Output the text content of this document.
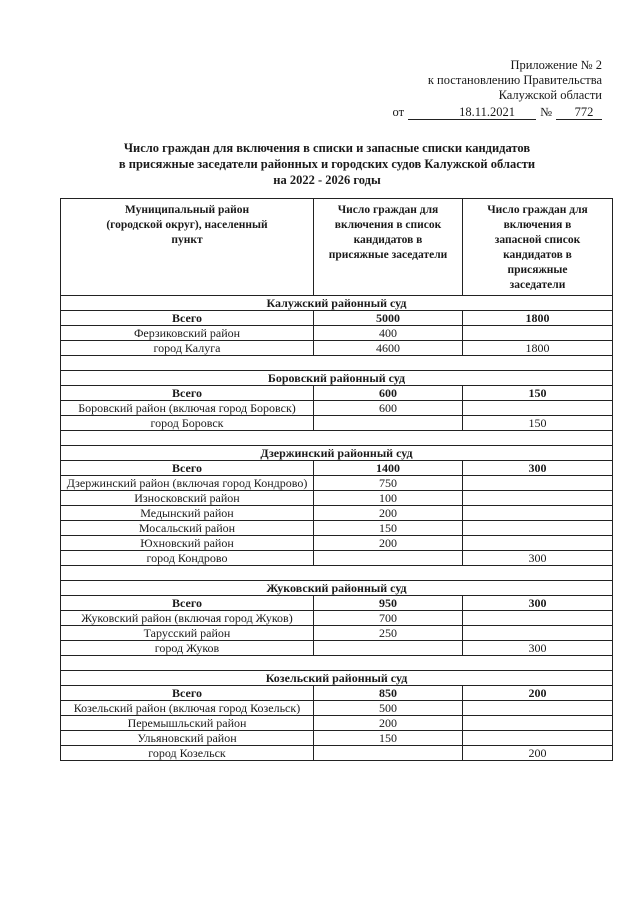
Приложение № 2
к постановлению Правительства
Калужской области
от	18.11.2021	№	772
Число граждан для включения в списки и запасные списки кандидатов
в присяжные заседатели районных и городских судов Калужской области
на 2022 - 2026 годы
Муниципальный район (городской округ), населенный пункт	Число граждан для включения в список кандидатов в присяжные заседатели	Число граждан для включения в запасной список кандидатов в присяжные заседатели
Калужский районный суд		
Всего	5000	1800
Ферзиковский район	400	
город Калуга	4600	1800

Боровский районный суд		
Всего	600	150
Боровский район (включая город Боровск)	600	
город Боровск		150

Дзержинский районный суд		
Всего	1400	300
Дзержинский район (включая город Кондрово)	750	
Износковский район	100	
Медынский район	200	
Мосальский район	150	
Юхновский район	200	
город Кондрово		300

Жуковский районный суд		
Всего	950	300
Жуковский район (включая город Жуков)	700	
Тарусский район	250	
город Жуков		300

Козельский районный суд		
Всего	850	200
Козельский район (включая город Козельск)	500	
Перемышльский район	200	
Ульяновский район	150	
город Козельск		200
